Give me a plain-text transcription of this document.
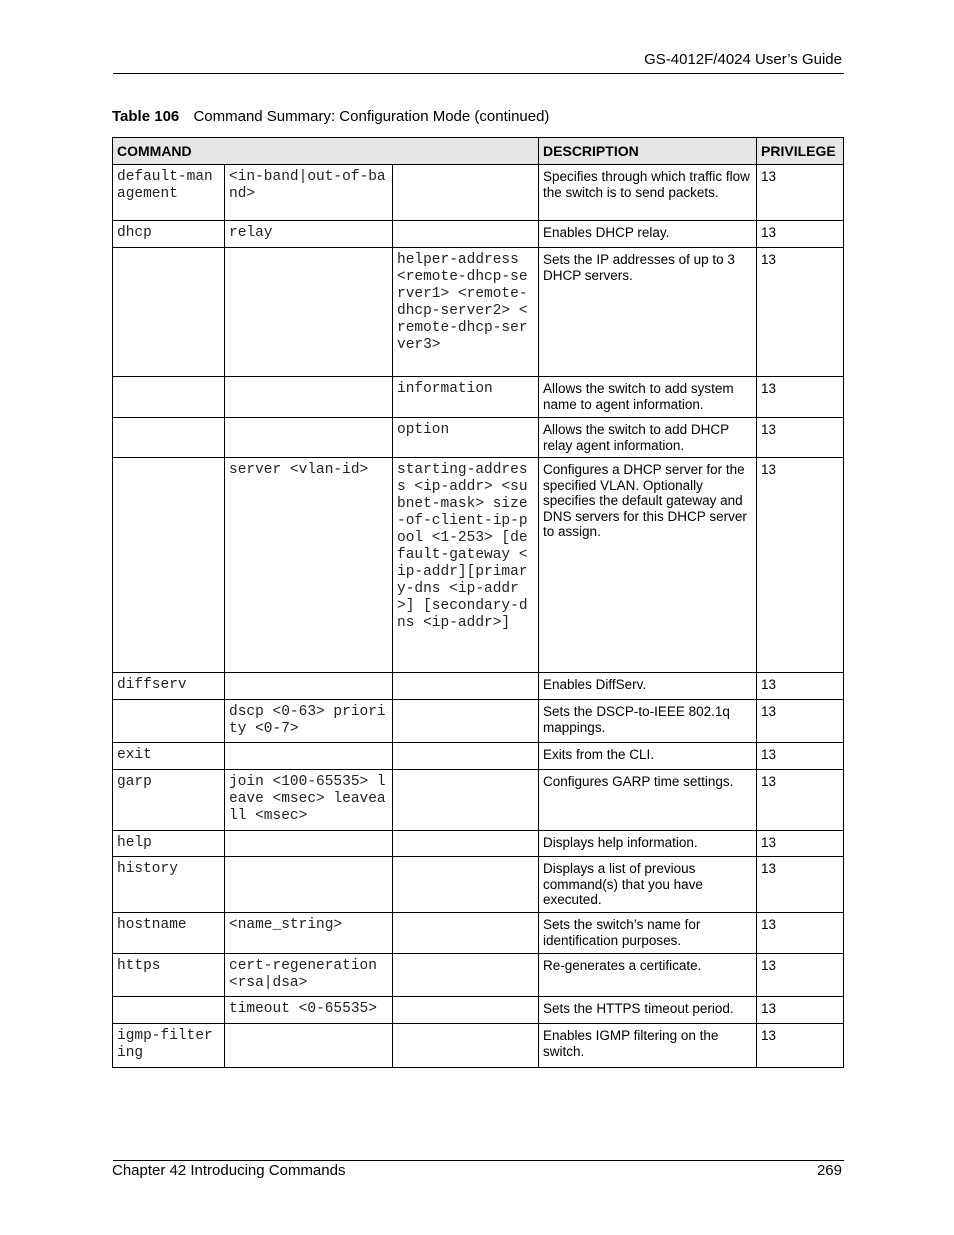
GS-4012F/4024 User’s Guide
Table 106 Command Summary: Configuration Mode (continued)
COMMAND			DESCRIPTION	PRIVILEGE
default-management	<in-band|out-of-band>		Specifies through which traffic flow the switch is to send packets.	13
dhcp	relay		Enables DHCP relay.	13
		helper-address <remote-dhcp-server1> <remote-dhcp-server2> <remote-dhcp-server3>	Sets the IP addresses of up to 3 DHCP servers.	13
		information	Allows the switch to add system name to agent information.	13
		option	Allows the switch to add DHCP relay agent information.	13
	server <vlan-id>	starting-address <ip-addr> <subnet-mask> size-of-client-ip-pool <1-253> [default-gateway <ip-addr][primary-dns <ip-addr>] [secondary-dns <ip-addr>]	Configures a DHCP server for the specified VLAN. Optionally specifies the default gateway and DNS servers for this DHCP server to assign.	13
diffserv			Enables DiffServ.	13
	dscp <0-63> priority <0-7>		Sets the DSCP-to-IEEE 802.1q mappings.	13
exit			Exits from the CLI.	13
garp	join <100-65535> leave <msec> leaveall <msec>		Configures GARP time settings.	13
help			Displays help information.	13
history			Displays a list of previous command(s) that you have executed.	13
hostname	<name_string>		Sets the switch’s name for identification purposes.	13
https	cert-regeneration <rsa|dsa>		Re-generates a certificate.	13
	timeout <0-65535>		Sets the HTTPS timeout period.	13
igmp-filtering			Enables IGMP filtering on the switch.	13
Chapter 42 Introducing Commands	269
